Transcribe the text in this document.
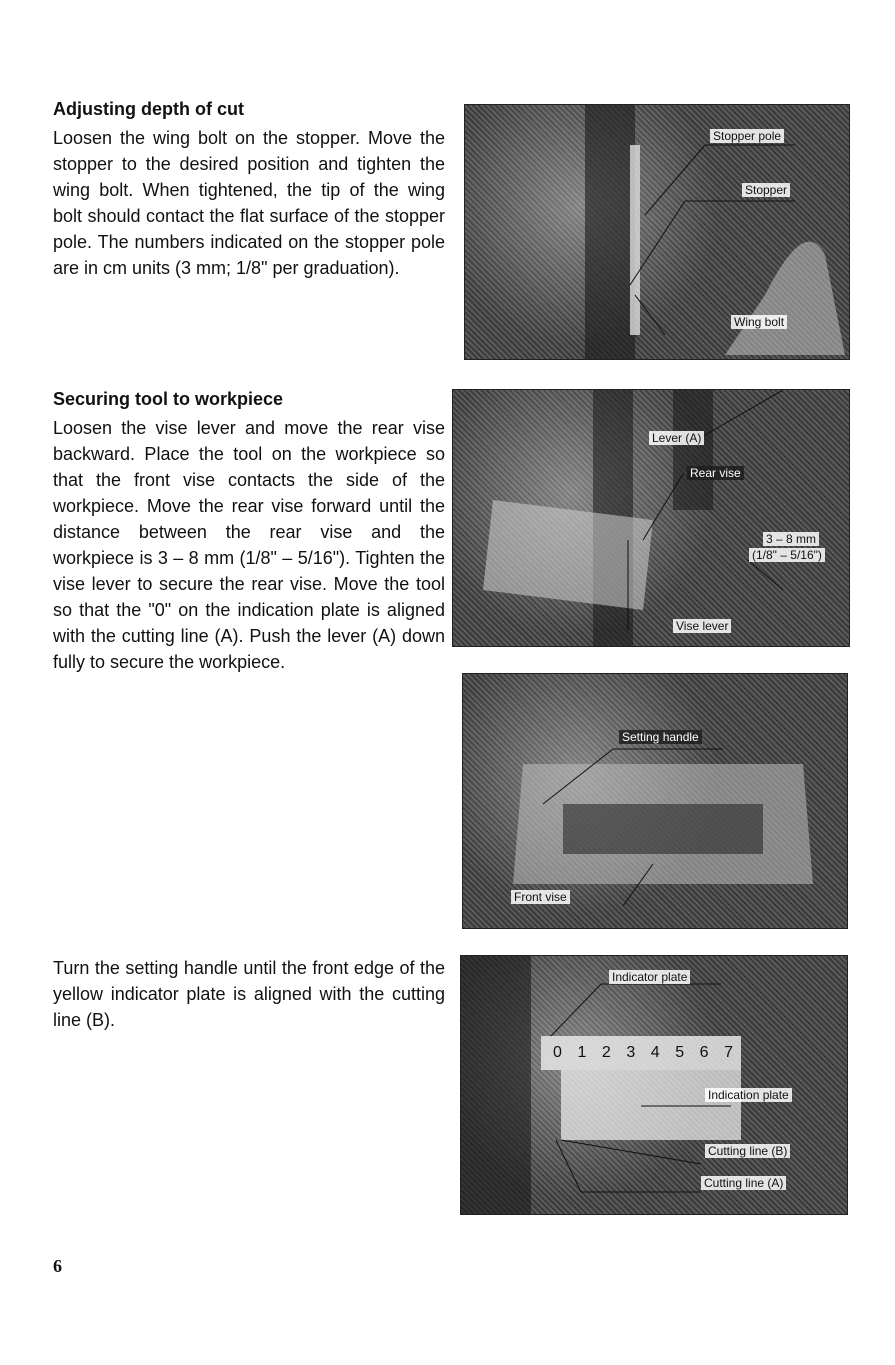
Adjusting depth of cut

Loosen the wing bolt on the stopper. Move the stopper to the desired position and tighten the wing bolt. When tightened, the tip of the wing bolt should contact the flat surface of the stopper pole. The numbers indicated on the stopper pole are in cm units (3 mm; 1/8" per graduation).

Securing tool to workpiece

Loosen the vise lever and move the rear vise backward. Place the tool on the workpiece so that the front vise contacts the side of the workpiece. Move the rear vise forward until the distance between the rear vise and the workpiece is 3 – 8 mm (1/8" – 5/16"). Tighten the vise lever to secure the rear vise. Move the tool so that the "0" on the indication plate is aligned with the cutting line (A). Push the lever (A) down fully to secure the workpiece.

Turn the setting handle until the front edge of the yellow indicator plate is aligned with the cutting line (B).

Stopper pole
Stopper
Wing bolt
Lever (A)
Rear vise
3 – 8 mm
(1/8" – 5/16")
Vise lever
Setting handle
Front vise
Indicator plate
0 1 2 3 4 5 6 7
Indication plate
Cutting line (B)
Cutting line (A)
6
